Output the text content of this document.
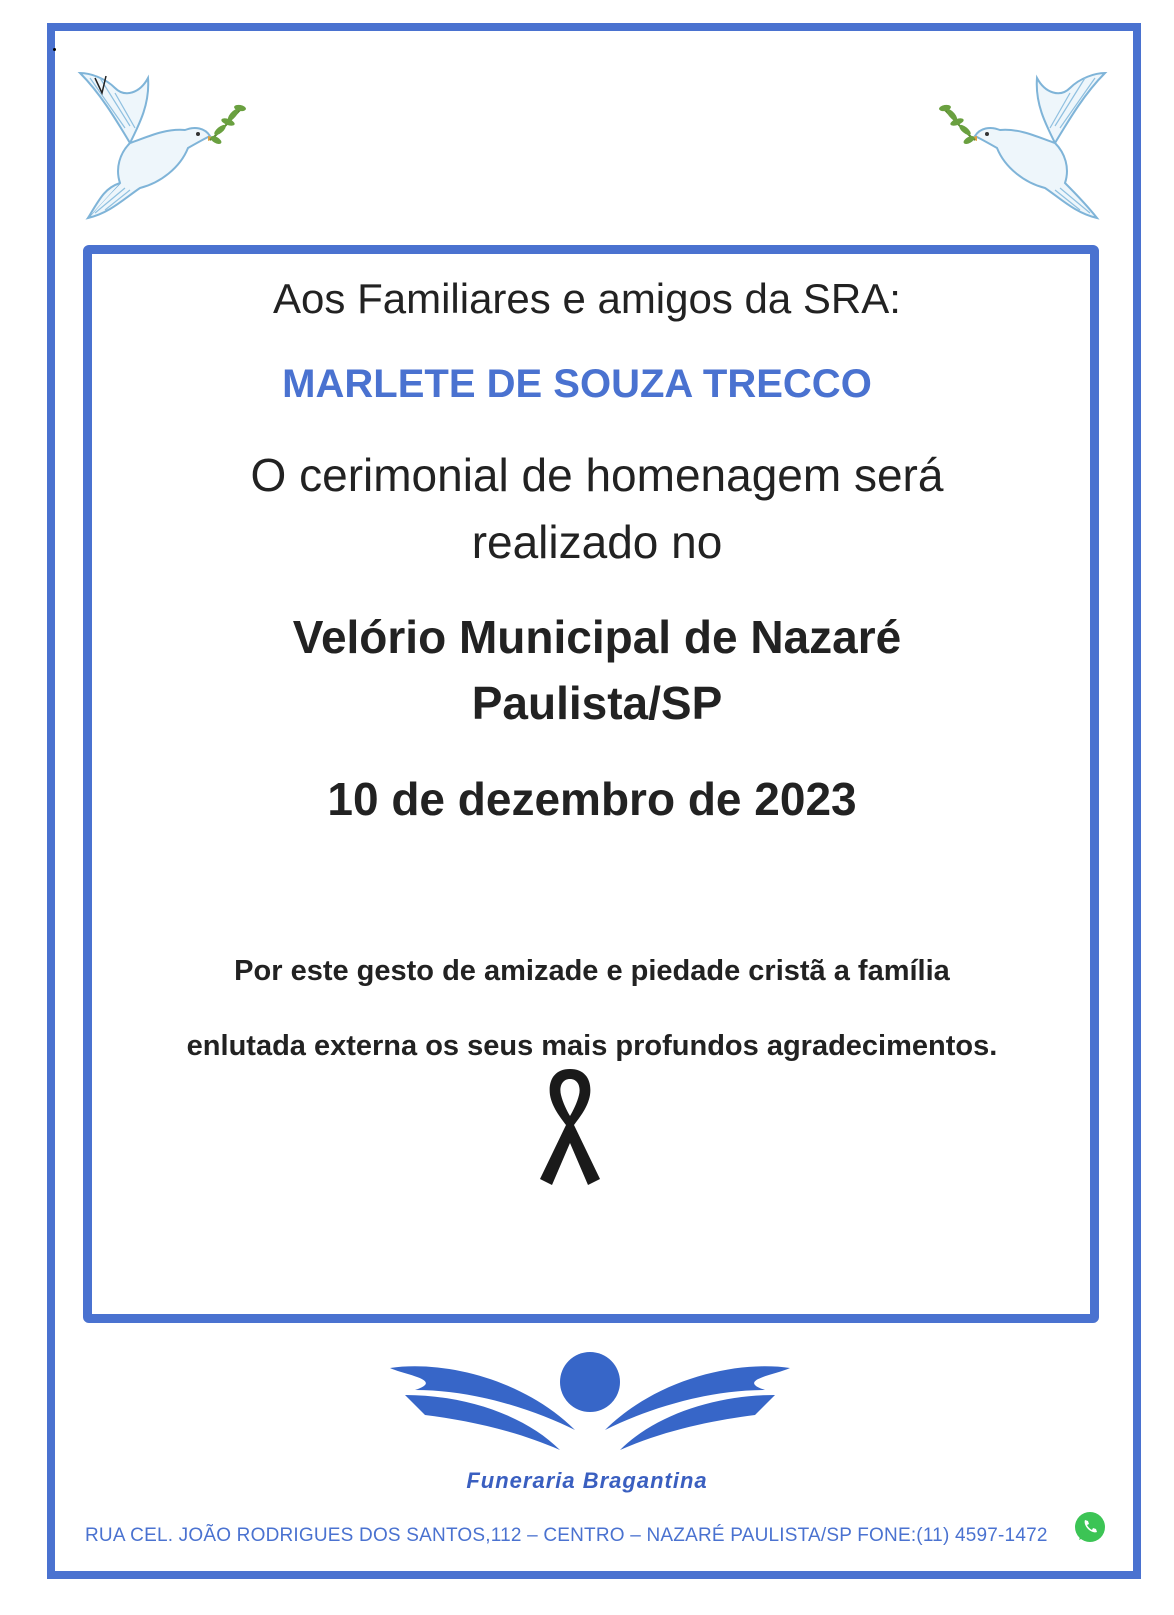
Aos Familiares e amigos da SRA:

MARLETE DE SOUZA TRECCO

O cerimonial de homenagem será

realizado no

Velório Municipal de Nazaré

Paulista/SP

10 de dezembro de 2023

Por este gesto de amizade e piedade cristã a família

enlutada externa os seus mais profundos agradecimentos.

Funeraria Bragantina
RUA CEL. JOÃO RODRIGUES DOS SANTOS,112 – CENTRO – NAZARÉ PAULISTA/SP FONE:(11) 4597-1472
